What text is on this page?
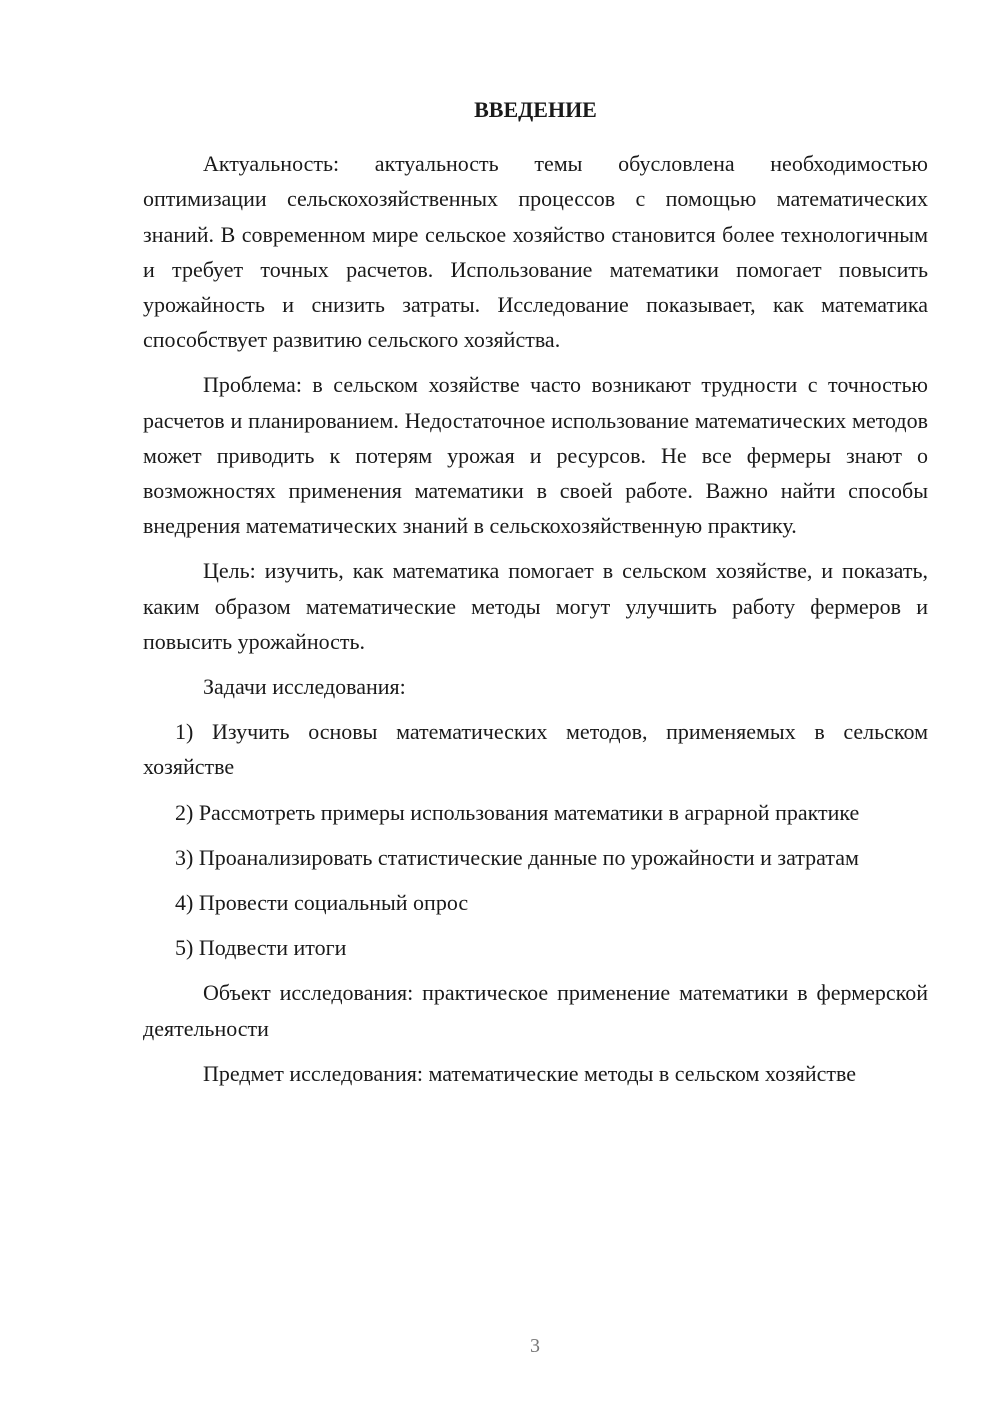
ВВЕДЕНИЕ

Актуальность: актуальность темы обусловлена необходимостью оптимизации сельскохозяйственных процессов с помощью математических знаний. В современном мире сельское хозяйство становится более технологичным и требует точных расчетов. Использование математики помогает повысить урожайность и снизить затраты. Исследование показывает, как математика способствует развитию сельского хозяйства.

Проблема: в сельском хозяйстве часто возникают трудности с точностью расчетов и планированием. Недостаточное использование математических методов может приводить к потерям урожая и ресурсов. Не все фермеры знают о возможностях применения математики в своей работе. Важно найти способы внедрения математических знаний в сельскохозяйственную практику.

Цель: изучить, как математика помогает в сельском хозяйстве, и показать, каким образом математические методы могут улучшить работу фермеров и повысить урожайность.

Задачи исследования:

1) Изучить основы математических методов, применяемых в сельском хозяйстве

2) Рассмотреть примеры использования математики в аграрной практике

3) Проанализировать статистические данные по урожайности и затратам

4) Провести социальный опрос

5) Подвести итоги

Объект исследования: практическое применение математики в фермерской деятельности

Предмет исследования: математические методы в сельском хозяйстве

3
